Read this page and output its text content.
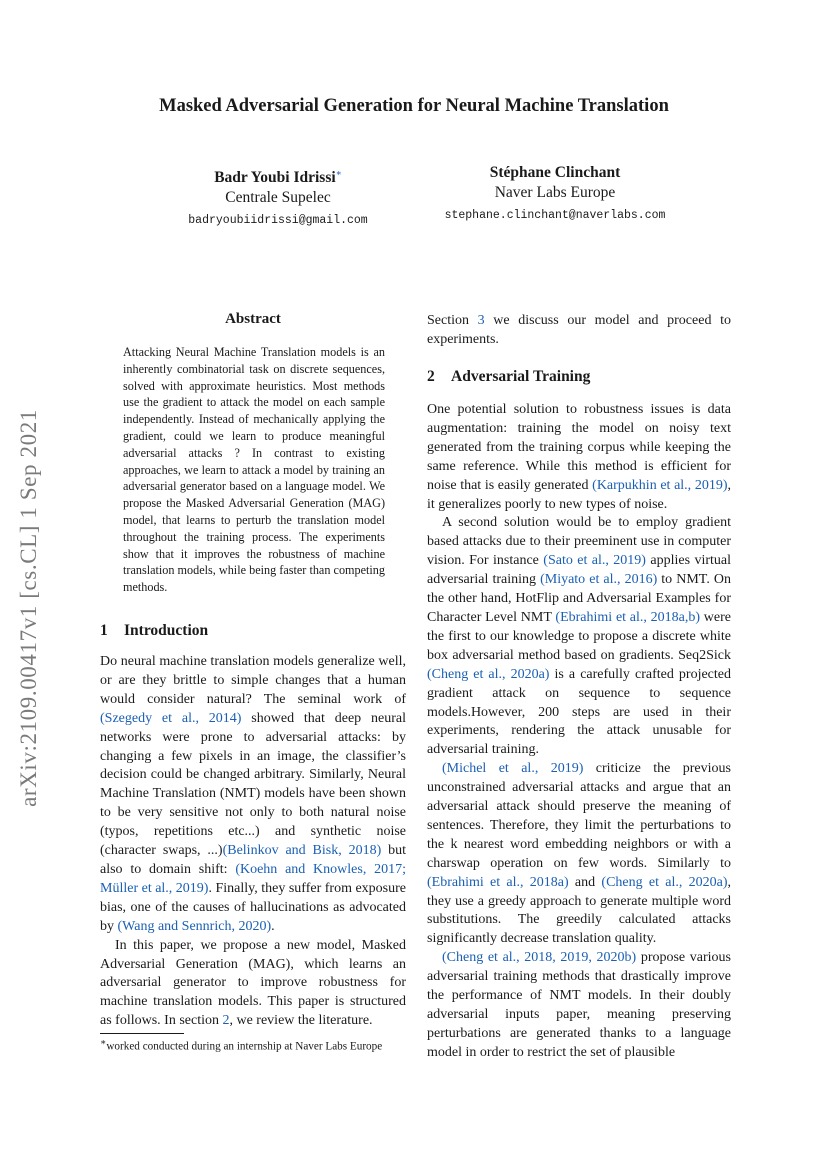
Masked Adversarial Generation for Neural Machine Translation
Badr Youbi Idrissi∗
Centrale Supelec
badryoubiidrissi@gmail.com
Stéphane Clinchant
Naver Labs Europe
stephane.clinchant@naverlabs.com
arXiv:2109.00417v1 [cs.CL] 1 Sep 2021
Abstract
Attacking Neural Machine Translation models is an inherently combinatorial task on discrete sequences, solved with approximate heuristics. Most methods use the gradient to attack the model on each sample independently. Instead of mechanically applying the gradient, could we learn to produce meaningful adversarial attacks ? In contrast to existing approaches, we learn to attack a model by training an adversarial generator based on a language model. We propose the Masked Adversarial Generation (MAG) model, that learns to perturb the translation model throughout the training process. The experiments show that it improves the robustness of machine translation models, while being faster than competing methods.
1 Introduction

Do neural machine translation models generalize well, or are they brittle to simple changes that a human would consider natural? The seminal work of (Szegedy et al., 2014) showed that deep neural networks were prone to adversarial attacks: by changing a few pixels in an image, the classifier’s decision could be changed arbitrary. Similarly, Neural Machine Translation (NMT) models have been shown to be very sensitive not only to both natural noise (typos, repetitions etc...) and synthetic noise (character swaps, ...)(Belinkov and Bisk, 2018) but also to domain shift: (Koehn and Knowles, 2017; Müller et al., 2019). Finally, they suffer from exposure bias, one of the causes of hallucinations as advocated by (Wang and Sennrich, 2020).

In this paper, we propose a new model, Masked Adversarial Generation (MAG), which learns an adversarial generator to improve robustness for machine translation models. This paper is structured as follows. In section 2, we review the literature.

∗worked conducted during an internship at Naver Labs Europe

Section 3 we discuss our model and proceed to experiments.

2 Adversarial Training

One potential solution to robustness issues is data augmentation: training the model on noisy text generated from the training corpus while keeping the same reference. While this method is efficient for noise that is easily generated (Karpukhin et al., 2019), it generalizes poorly to new types of noise.

A second solution would be to employ gradient based attacks due to their preeminent use in computer vision. For instance (Sato et al., 2019) applies virtual adversarial training (Miyato et al., 2016) to NMT. On the other hand, HotFlip and Adversarial Examples for Character Level NMT (Ebrahimi et al., 2018a,b) were the first to our knowledge to propose a discrete white box adversarial method based on gradients. Seq2Sick (Cheng et al., 2020a) is a carefully crafted projected gradient attack on sequence to sequence models.However, 200 steps are used in their experiments, rendering the attack unusable for adversarial training.

(Michel et al., 2019) criticize the previous unconstrained adversarial attacks and argue that an adversarial attack should preserve the meaning of sentences. Therefore, they limit the perturbations to the k nearest word embedding neighbors or with a charswap operation on few words. Similarly to (Ebrahimi et al., 2018a) and (Cheng et al., 2020a), they use a greedy approach to generate multiple word substitutions. The greedily calculated attacks significantly decrease translation quality.

(Cheng et al., 2018, 2019, 2020b) propose various adversarial training methods that drastically improve the performance of NMT models. In their doubly adversarial inputs paper, meaning preserving perturbations are generated thanks to a language model in order to restrict the set of plausible
